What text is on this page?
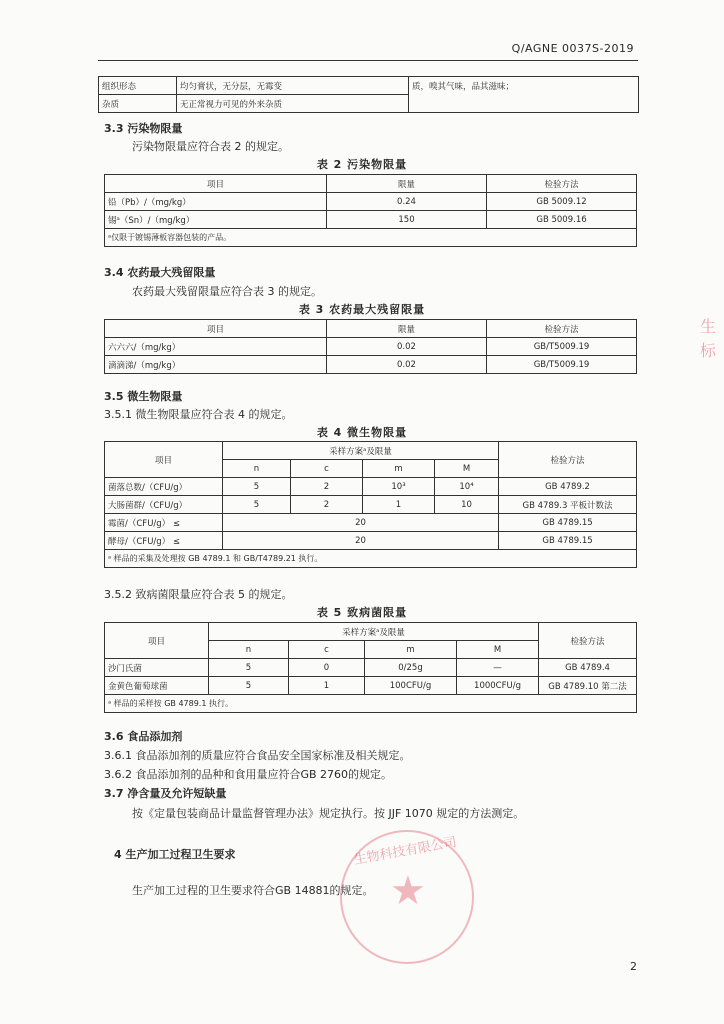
Q/AGNE 0037S-2019
组织形态	均匀膏状，无分层，无霉变	质，嗅其气味，品其滋味；
杂质	无正常视力可见的外来杂质	
3.3 污染物限量
污染物限量应符合表 2 的规定。
表 2 污染物限量
项目	限量	检验方法
铅（Pb）/（mg/kg）	0.24	GB 5009.12
锡ᵃ（Sn）/（mg/kg）	150	GB 5009.16
ᵃ仅限于镀锡薄板容器包装的产品。		
3.4 农药最大残留限量
农药最大残留限量应符合表 3 的规定。
表 3 农药最大残留限量
项目	限量	检验方法
六六六/（mg/kg）	0.02	GB/T5009.19
滴滴涕/（mg/kg）	0.02	GB/T5009.19
3.5 微生物限量
3.5.1 微生物限量应符合表 4 的规定。
表 4 微生物限量
项目	采样方案ᵃ及限量				检验方法
	n	c	m	M	
菌落总数/（CFU/g）	5	2	10³	10⁴	GB 4789.2
大肠菌群/（CFU/g）	5	2	1	10	GB 4789.3 平板计数法
霉菌/（CFU/g） ≤	20				GB 4789.15
酵母/（CFU/g） ≤	20				GB 4789.15
ᵃ 样品的采集及处理按 GB 4789.1 和 GB/T4789.21 执行。					
3.5.2 致病菌限量应符合表 5 的规定。
表 5 致病菌限量
项目	采样方案ᵃ及限量				检验方法
	n	c	m	M	
沙门氏菌	5	0	0/25g	—	GB 4789.4
金黄色葡萄球菌	5	1	100CFU/g	1000CFU/g	GB 4789.10 第二法
ᵃ 样品的采样按 GB 4789.1 执行。					
3.6 食品添加剂
3.6.1 食品添加剂的质量应符合食品安全国家标准及相关规定。
3.6.2 食品添加剂的品种和食用量应符合GB 2760的规定。
3.7 净含量及允许短缺量
按《定量包装商品计量监督管理办法》规定执行。按 JJF 1070 规定的方法测定。
★
生物科技有限公司
4 生产加工过程卫生要求
生产加工过程的卫生要求符合GB 14881的规定。
生标
2
